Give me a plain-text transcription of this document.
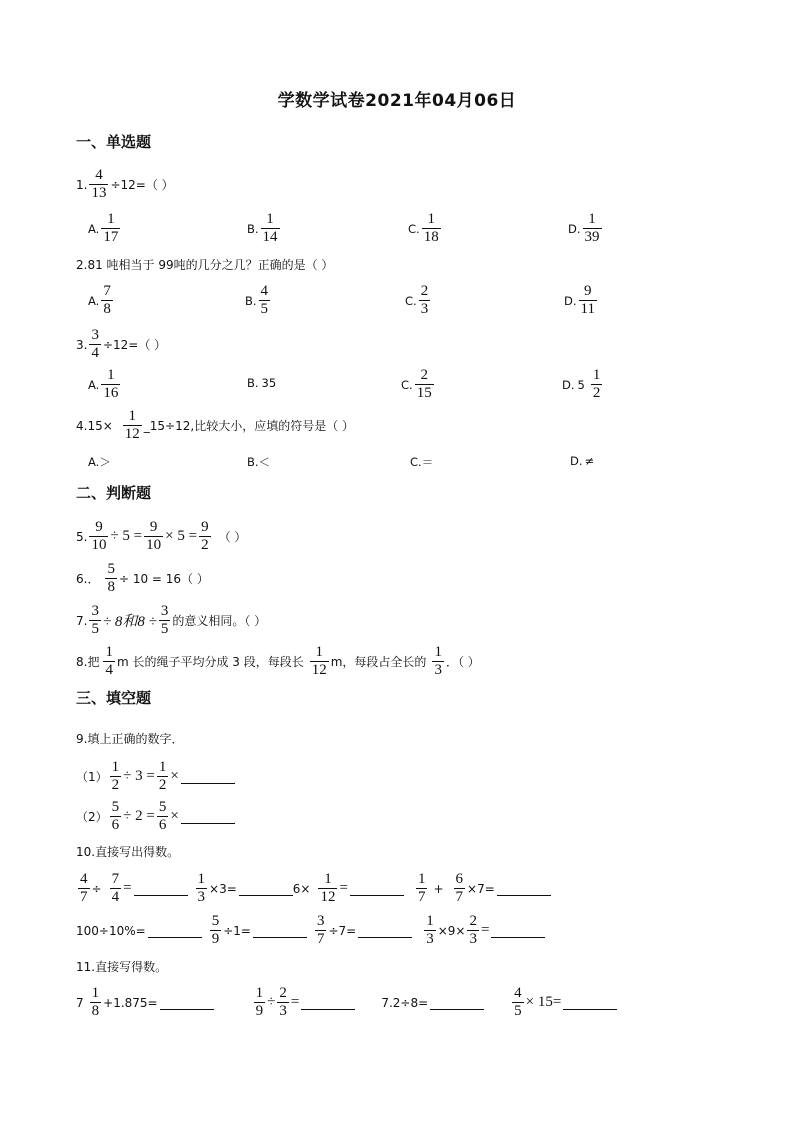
学数学试卷2021年04月06日
一、单选题
1. $\frac{4}{13} \div 12=$（ ）
A. $\frac{1}{17}$	B. $\frac{1}{14}$	C. $\frac{1}{18}$	D. $\frac{1}{39}$
2.81 吨相当于 99吨的几分之几？正确的是（ ）
A. $\frac{7}{8}$	B. $\frac{4}{5}$	C. $\frac{2}{3}$	D. $\frac{9}{11}$
3. $\frac{3}{4} \div 12=$（ ）
A. $\frac{1}{16}$	B. 35	C. $\frac{2}{15}$	D. $5 \frac{1}{2}$
$4.15\times \frac{1}{12}$ _15÷12,比较大小，应填的符号是（ ）
A. ＞	B. ＜	C. ＝	D. ≠
二、判断题
5. $\frac{9}{10} \div 5 = \frac{9}{10} \times 5 = \frac{9}{2}$ （ ）
6.． $\frac{5}{8} \div 10 = 16$（ ）
7. $\frac{3}{5} \div 8$和$8 \div \frac{3}{5}$ 的意义相同。（ ）
8.把 $\frac{1}{4}$ m 长的绳子平均分成 3 段，每段长 $\frac{1}{12}$ m，每段占全长的 $\frac{1}{3}$ ．（ ）
三、填空题
9.填上正确的数字．
$(1) \frac{1}{2} \div 3 = \frac{1}{2}$ ×
$(2) \frac{5}{6} \div 2 = \frac{5}{6}$ ×
10.直接写出得数。
$\frac{4}{7} \div \frac{7}{4}$ =	$\frac{1}{3} \times 3=$	$6\times \frac{1}{12}$ =	$\frac{1}{7} + \frac{6}{7} \times 7=$
100÷10%=	$\frac{5}{9} \div 1=$	$\frac{3}{7} \div 7=$	$\frac{1}{3} \times 9\times \frac{2}{3}$ =
11.直接写得数。
$7 \frac{1}{8} +1.875=$	$\frac{1}{9} \div \frac{2}{3}$ =	7.2÷8=	$\frac{4}{5} \times 15=$
